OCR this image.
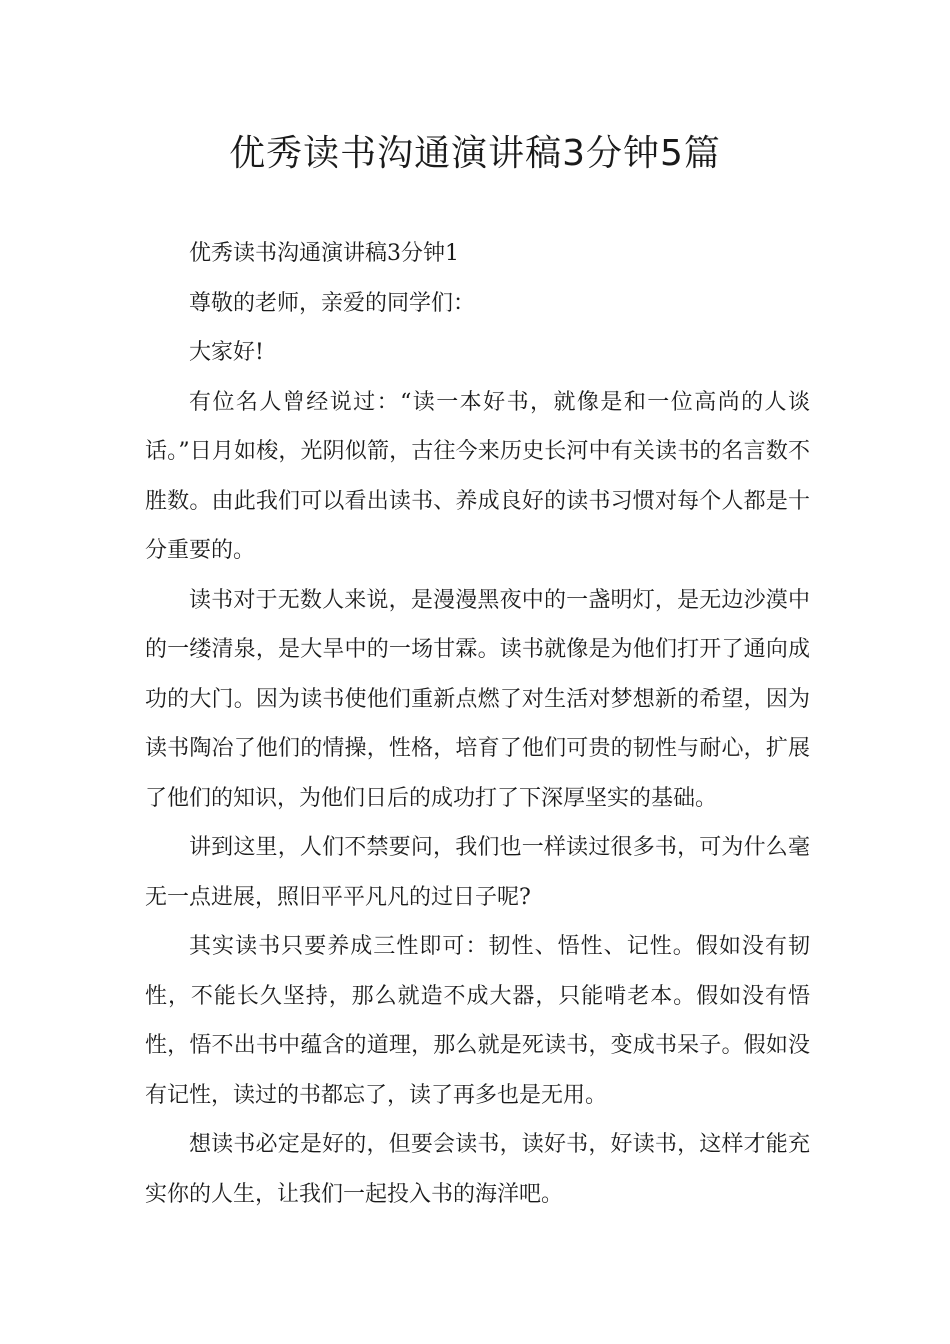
优秀读书沟通演讲稿3分钟5篇

优秀读书沟通演讲稿3分钟1

尊敬的老师，亲爱的同学们：

大家好!

有位名人曾经说过：“读一本好书，就像是和一位高尚的人谈话。”日月如梭，光阴似箭，古往今来历史长河中有关读书的名言数不胜数。由此我们可以看出读书、养成良好的读书习惯对每个人都是十分重要的。

读书对于无数人来说，是漫漫黑夜中的一盏明灯，是无边沙漠中的一缕清泉，是大旱中的一场甘霖。读书就像是为他们打开了通向成功的大门。因为读书使他们重新点燃了对生活对梦想新的希望，因为读书陶冶了他们的情操，性格，培育了他们可贵的韧性与耐心，扩展了他们的知识，为他们日后的成功打了下深厚坚实的基础。

讲到这里，人们不禁要问，我们也一样读过很多书，可为什么毫无一点进展，照旧平平凡凡的过日子呢?

其实读书只要养成三性即可：韧性、悟性、记性。假如没有韧性，不能长久坚持，那么就造不成大器，只能啃老本。假如没有悟性，悟不出书中蕴含的道理，那么就是死读书，变成书呆子。假如没有记性，读过的书都忘了，读了再多也是无用。

想读书必定是好的，但要会读书，读好书，好读书，这样才能充实你的人生，让我们一起投入书的海洋吧。
